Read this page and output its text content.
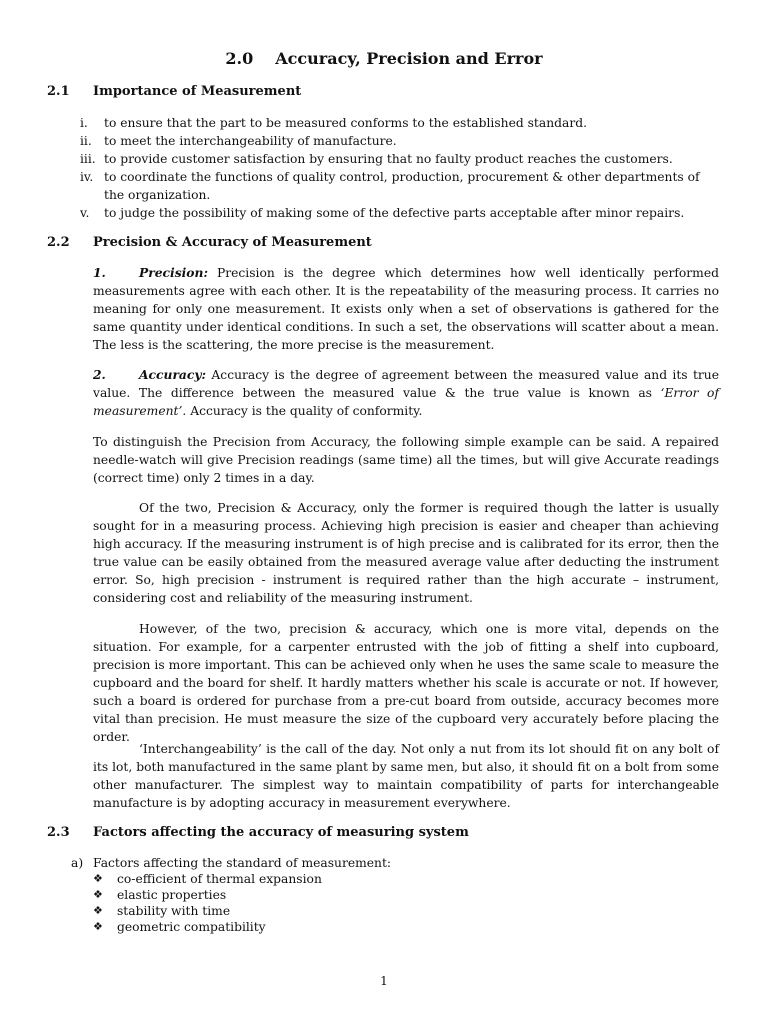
2.0 Accuracy, Precision and Error
2.1 Importance of Measurement
i.	to ensure that the part to be measured conforms to the established standard.
ii. to meet the interchangeability of manufacture.
iii. to provide customer satisfaction by ensuring that no faulty product reaches the customers.
iv. to coordinate the functions of quality control, production, procurement & other departments of the organization.
v.	to judge the possibility of making some of the defective parts acceptable after minor repairs.
2.2 Precision & Accuracy of Measurement
1.	Precision: Precision is the degree which determines how well identically performed measurements agree with each other. It is the repeatability of the measuring process. It carries no meaning for only one measurement. It exists only when a set of observations is gathered for the same quantity under identical conditions. In such a set, the observations will scatter about a mean. The less is the scattering, the more precise is the measurement.
2.	Accuracy: Accuracy is the degree of agreement between the measured value and its true value. The difference between the measured value & the true value is known as ‘Error of measurement’. Accuracy is the quality of conformity.
To distinguish the Precision from Accuracy, the following simple example can be said. A repaired needle-watch will give Precision readings (same time) all the times, but will give Accurate readings (correct time) only 2 times in a day.
Of the two, Precision & Accuracy, only the former is required though the latter is usually sought for in a measuring process. Achieving high precision is easier and cheaper than achieving high accuracy. If the measuring instrument is of high precise and is calibrated for its error, then the true value can be easily obtained from the measured average value after deducting the instrument error. So, high precision - instrument is required rather than the high accurate – instrument, considering cost and reliability of the measuring instrument.
However, of the two, precision & accuracy, which one is more vital, depends on the situation. For example, for a carpenter entrusted with the job of fitting a shelf into cupboard, precision is more important. This can be achieved only when he uses the same scale to measure the cupboard and the board for shelf. It hardly matters whether his scale is accurate or not. If however, such a board is ordered for purchase from a pre-cut board from outside, accuracy becomes more vital than precision. He must measure the size of the cupboard very accurately before placing the order.
‘Interchangeability’ is the call of the day. Not only a nut from its lot should fit on any bolt of its lot, both manufactured in the same plant by same men, but also, it should fit on a bolt from some other manufacturer. The simplest way to maintain compatibility of parts for interchangeable manufacture is by adopting accuracy in measurement everywhere.
2.3 Factors affecting the accuracy of measuring system
a) Factors affecting the standard of measurement:
❖	co-efficient of thermal expansion
❖	elastic properties
❖	stability with time
❖	geometric compatibility
1
